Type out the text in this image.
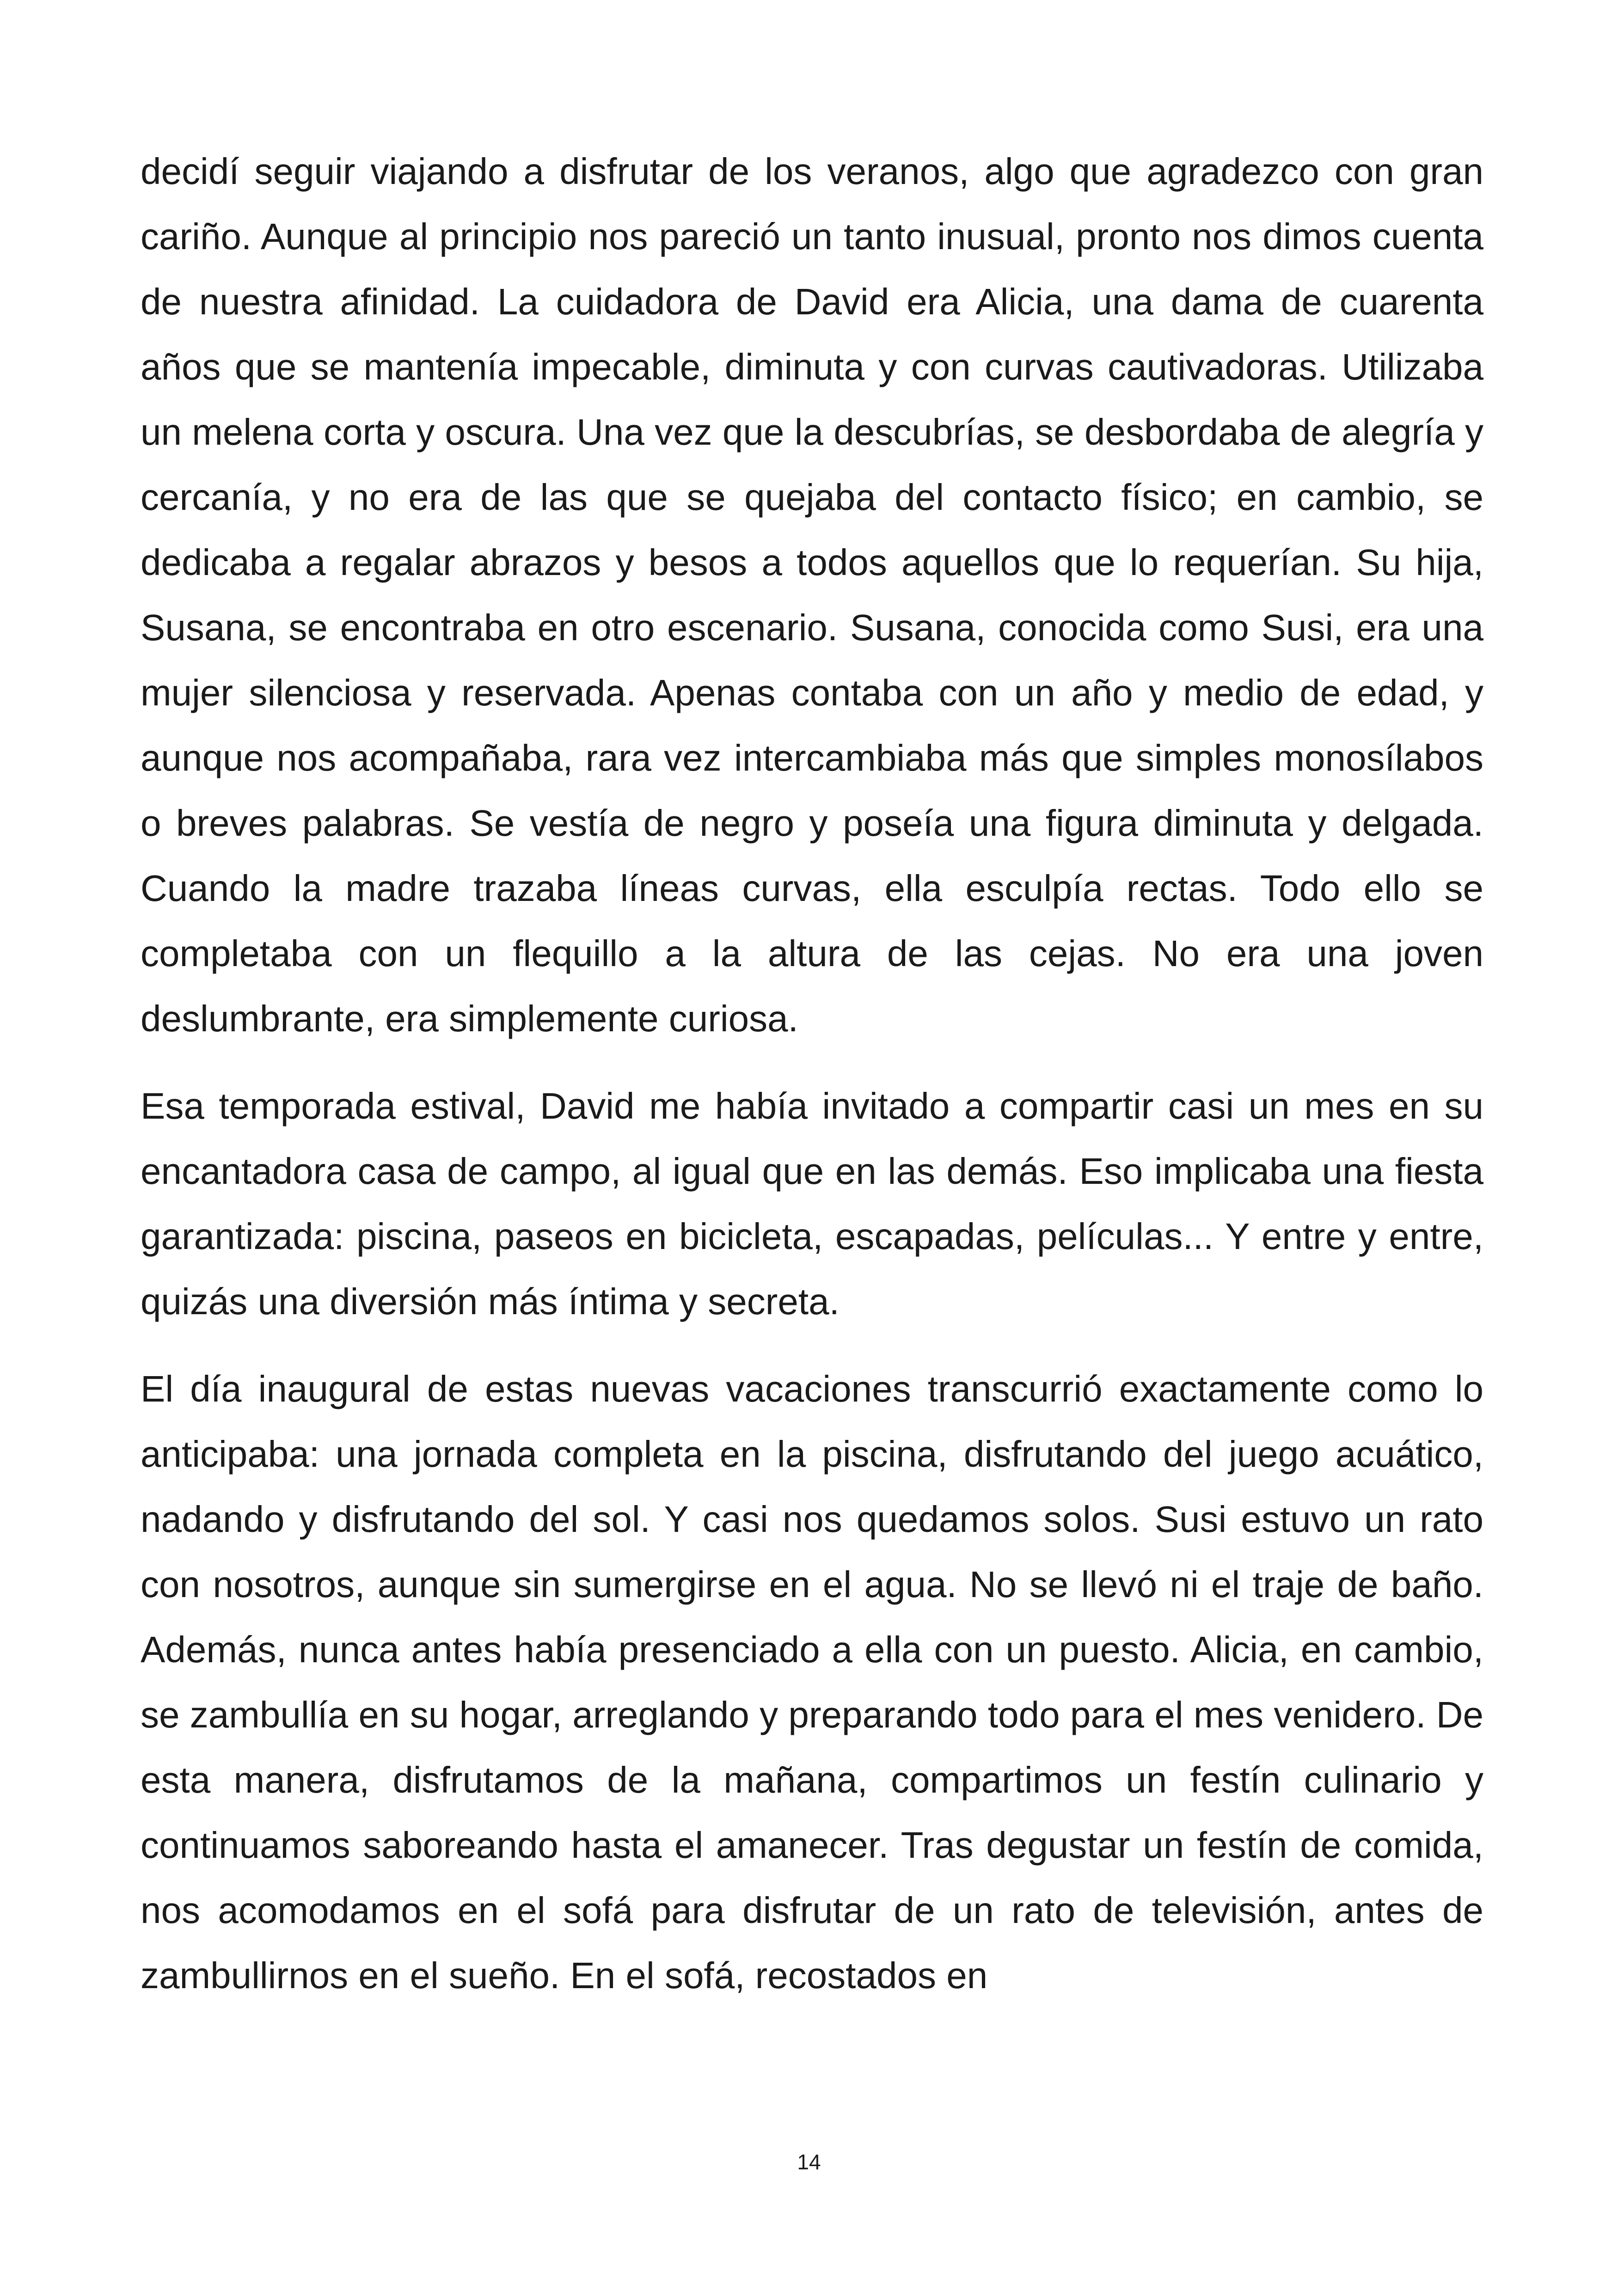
decidí seguir viajando a disfrutar de los veranos, algo que agradezco con gran cariño. Aunque al principio nos pareció un tanto inusual, pronto nos dimos cuenta de nuestra afinidad. La cuidadora de David era Alicia, una dama de cuarenta años que se mantenía impecable, diminuta y con curvas cautivadoras. Utilizaba un melena corta y oscura. Una vez que la descubrías, se desbordaba de alegría y cercanía, y no era de las que se quejaba del contacto físico; en cambio, se dedicaba a regalar abrazos y besos a todos aquellos que lo requerían. Su hija, Susana, se encontraba en otro escenario. Susana, conocida como Susi, era una mujer silenciosa y reservada. Apenas contaba con un año y medio de edad, y aunque nos acompañaba, rara vez intercambiaba más que simples monosílabos o breves palabras. Se vestía de negro y poseía una figura diminuta y delgada. Cuando la madre trazaba líneas curvas, ella esculpía rectas. Todo ello se completaba con un flequillo a la altura de las cejas. No era una joven deslumbrante, era simplemente curiosa.

Esa temporada estival, David me había invitado a compartir casi un mes en su encantadora casa de campo, al igual que en las demás. Eso implicaba una fiesta garantizada: piscina, paseos en bicicleta, escapadas, películas... Y entre y entre, quizás una diversión más íntima y secreta.

El día inaugural de estas nuevas vacaciones transcurrió exactamente como lo anticipaba: una jornada completa en la piscina, disfrutando del juego acuático, nadando y disfrutando del sol. Y casi nos quedamos solos. Susi estuvo un rato con nosotros, aunque sin sumergirse en el agua. No se llevó ni el traje de baño. Además, nunca antes había presenciado a ella con un puesto. Alicia, en cambio, se zambullía en su hogar, arreglando y preparando todo para el mes venidero. De esta manera, disfrutamos de la mañana, compartimos un festín culinario y continuamos saboreando hasta el amanecer. Tras degustar un festín de comida, nos acomodamos en el sofá para disfrutar de un rato de televisión, antes de zambullirnos en el sueño. En el sofá, recostados en

14
